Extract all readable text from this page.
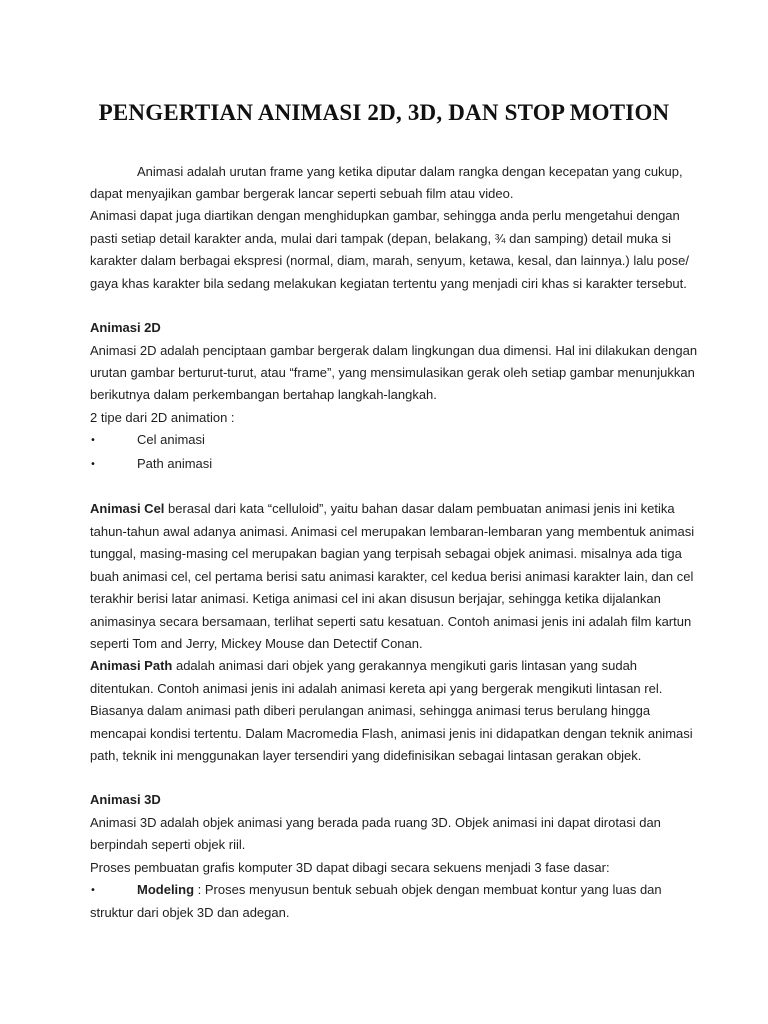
PENGERTIAN ANIMASI 2D, 3D, DAN STOP MOTION
Animasi adalah urutan frame yang ketika diputar dalam rangka dengan kecepatan yang cukup,
dapat menyajikan gambar bergerak lancar seperti sebuah film atau video.
Animasi dapat juga diartikan dengan menghidupkan gambar, sehingga anda perlu mengetahui dengan
pasti setiap detail karakter anda, mulai dari tampak (depan, belakang, ¾ dan samping) detail muka si
karakter dalam berbagai ekspresi (normal, diam, marah, senyum, ketawa, kesal, dan lainnya.) lalu pose/
gaya khas karakter bila sedang melakukan kegiatan tertentu yang menjadi ciri khas si karakter tersebut.
Animasi 2D
Animasi 2D adalah penciptaan gambar bergerak dalam lingkungan dua dimensi. Hal ini dilakukan dengan
urutan gambar berturut-turut, atau “frame”, yang mensimulasikan gerak oleh setiap gambar menunjukkan
berikutnya dalam perkembangan bertahap langkah-langkah.
2 tipe dari 2D animation :
•	Cel animasi
•	Path animasi
Animasi Cel berasal dari kata “celluloid”, yaitu bahan dasar dalam pembuatan animasi jenis ini ketika
tahun-tahun awal adanya animasi. Animasi cel merupakan lembaran-lembaran yang membentuk animasi
tunggal, masing-masing cel merupakan bagian yang terpisah sebagai objek animasi. misalnya ada tiga
buah animasi cel, cel pertama berisi satu animasi karakter, cel kedua berisi animasi karakter lain, dan cel
terakhir berisi latar animasi. Ketiga animasi cel ini akan disusun berjajar, sehingga ketika dijalankan
animasinya secara bersamaan, terlihat seperti satu kesatuan. Contoh animasi jenis ini adalah film kartun
seperti Tom and Jerry, Mickey Mouse dan Detectif Conan.
Animasi Path adalah animasi dari objek yang gerakannya mengikuti garis lintasan yang sudah
ditentukan. Contoh animasi jenis ini adalah animasi kereta api yang bergerak mengikuti lintasan rel.
Biasanya dalam animasi path diberi perulangan animasi, sehingga animasi terus berulang hingga
mencapai kondisi tertentu. Dalam Macromedia Flash, animasi jenis ini didapatkan dengan teknik animasi
path, teknik ini menggunakan layer tersendiri yang didefinisikan sebagai lintasan gerakan objek.
Animasi 3D
Animasi 3D adalah objek animasi yang berada pada ruang 3D. Objek animasi ini dapat dirotasi dan
berpindah seperti objek riil.
Proses pembuatan grafis komputer 3D dapat dibagi secara sekuens menjadi 3 fase dasar:
•	Modeling : Proses menyusun bentuk sebuah objek dengan membuat kontur yang luas dan
struktur dari objek 3D dan adegan.
